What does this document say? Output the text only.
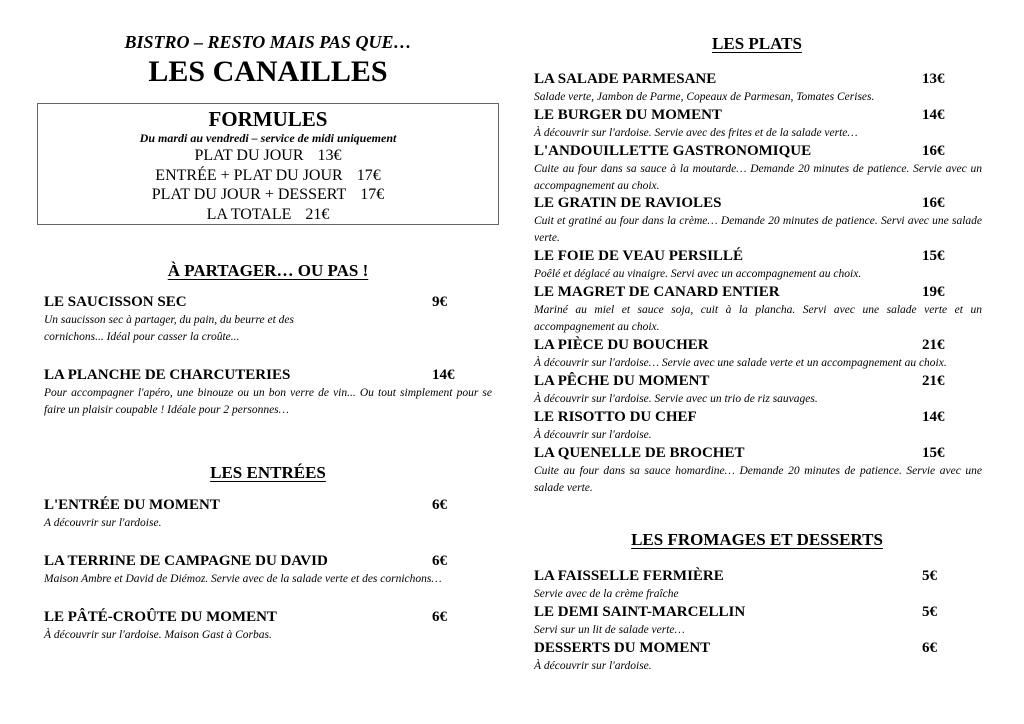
BISTRO – RESTO MAIS PAS QUE…
LES CANAILLES
FORMULES
Du mardi au vendredi – service de midi uniquement
PLAT DU JOUR 13€
ENTRÉE + PLAT DU JOUR 17€
PLAT DU JOUR + DESSERT 17€
LA TOTALE 21€
À PARTAGER… OU PAS !
LE SAUCISSON SEC	9€
Un saucisson sec à partager, du pain, du beurre et des cornichons... Idéal pour casser la croûte...
LA PLANCHE DE CHARCUTERIES	14€
Pour accompagner l'apéro, une binouze ou un bon verre de vin... Ou tout simplement pour se faire un plaisir coupable ! Idéale pour 2 personnes…
LES ENTRÉES
L'ENTRÉE DU MOMENT	6€
A découvrir sur l'ardoise.
LA TERRINE DE CAMPAGNE DU DAVID	6€
Maison Ambre et David de Diémoz. Servie avec de la salade verte et des cornichons…
LE PÂTÉ-CROÛTE DU MOMENT	6€
À découvrir sur l'ardoise. Maison Gast à Corbas.
LES PLATS
LA SALADE PARMESANE	13€
Salade verte, Jambon de Parme, Copeaux de Parmesan, Tomates Cerises.
LE BURGER DU MOMENT	14€
À découvrir sur l'ardoise. Servie avec des frites et de la salade verte…
L'ANDOUILLETTE GASTRONOMIQUE	16€
Cuite au four dans sa sauce à la moutarde… Demande 20 minutes de patience. Servie avec un accompagnement au choix.
LE GRATIN DE RAVIOLES	16€
Cuit et gratiné au four dans la crème… Demande 20 minutes de patience. Servi avec une salade verte.
LE FOIE DE VEAU PERSILLÉ	15€
Poêlé et déglacé au vinaigre. Servi avec un accompagnement au choix.
LE MAGRET DE CANARD ENTIER	19€
Mariné au miel et sauce soja, cuit à la plancha. Servi avec une salade verte et un accompagnement au choix.
LA PIÈCE DU BOUCHER	21€
À découvrir sur l'ardoise… Servie avec une salade verte et un accompagnement au choix.
LA PÊCHE DU MOMENT	21€
À découvrir sur l'ardoise. Servie avec un trio de riz sauvages.
LE RISOTTO DU CHEF	14€
À découvrir sur l'ardoise.
LA QUENELLE DE BROCHET	15€
Cuite au four dans sa sauce homardine… Demande 20 minutes de patience. Servie avec une salade verte.
LES FROMAGES ET DESSERTS
LA FAISSELLE FERMIÈRE	5€
Servie avec de la crème fraîche
LE DEMI SAINT-MARCELLIN	5€
Servi sur un lit de salade verte…
DESSERTS DU MOMENT	6€
À découvrir sur l'ardoise.
